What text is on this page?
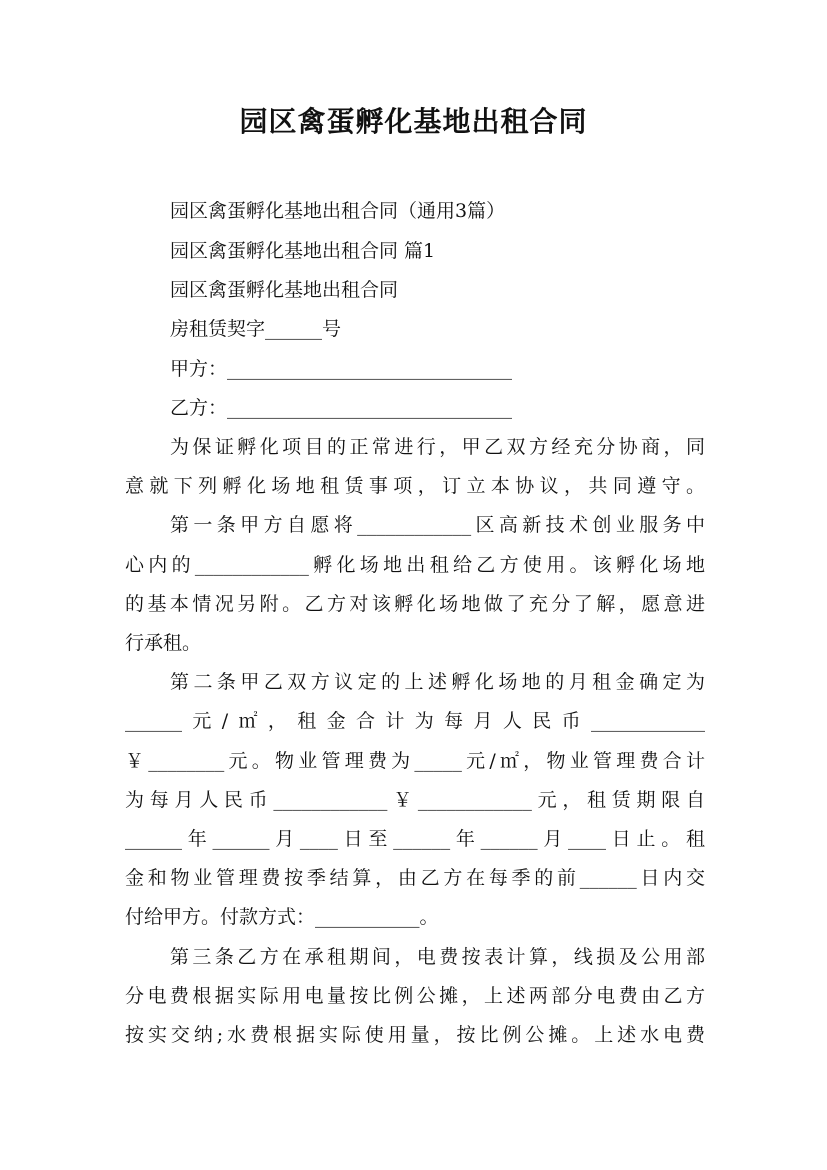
园区禽蛋孵化基地出租合同

园区禽蛋孵化基地出租合同（通用3篇）

园区禽蛋孵化基地出租合同 篇1

园区禽蛋孵化基地出租合同

房租赁契字______号

甲方：______________________________

乙方：______________________________

为保证孵化项目的正常进行，甲乙双方经充分协商，同

意就下列孵化场地租赁事项，订立本协议，共同遵守。

第一条甲方自愿将____________区高新技术创业服务中

心内的____________孵化场地出租给乙方使用。该孵化场地

的基本情况另附。乙方对该孵化场地做了充分了解，愿意进

行承租。

第二条甲乙双方议定的上述孵化场地的月租金确定为

______元/㎡，租金合计为每月人民币____________

￥________元。物业管理费为_____元/㎡，物业管理费合计

为每月人民币____________￥____________元，租赁期限自

______年______月____日至______年______月____日止。租

金和物业管理费按季结算，由乙方在每季的前______日内交

付给甲方。付款方式：___________。

第三条乙方在承租期间，电费按表计算，线损及公用部

分电费根据实际用电量按比例公摊，上述两部分电费由乙方

按实交纳;水费根据实际使用量，按比例公摊。上述水电费
